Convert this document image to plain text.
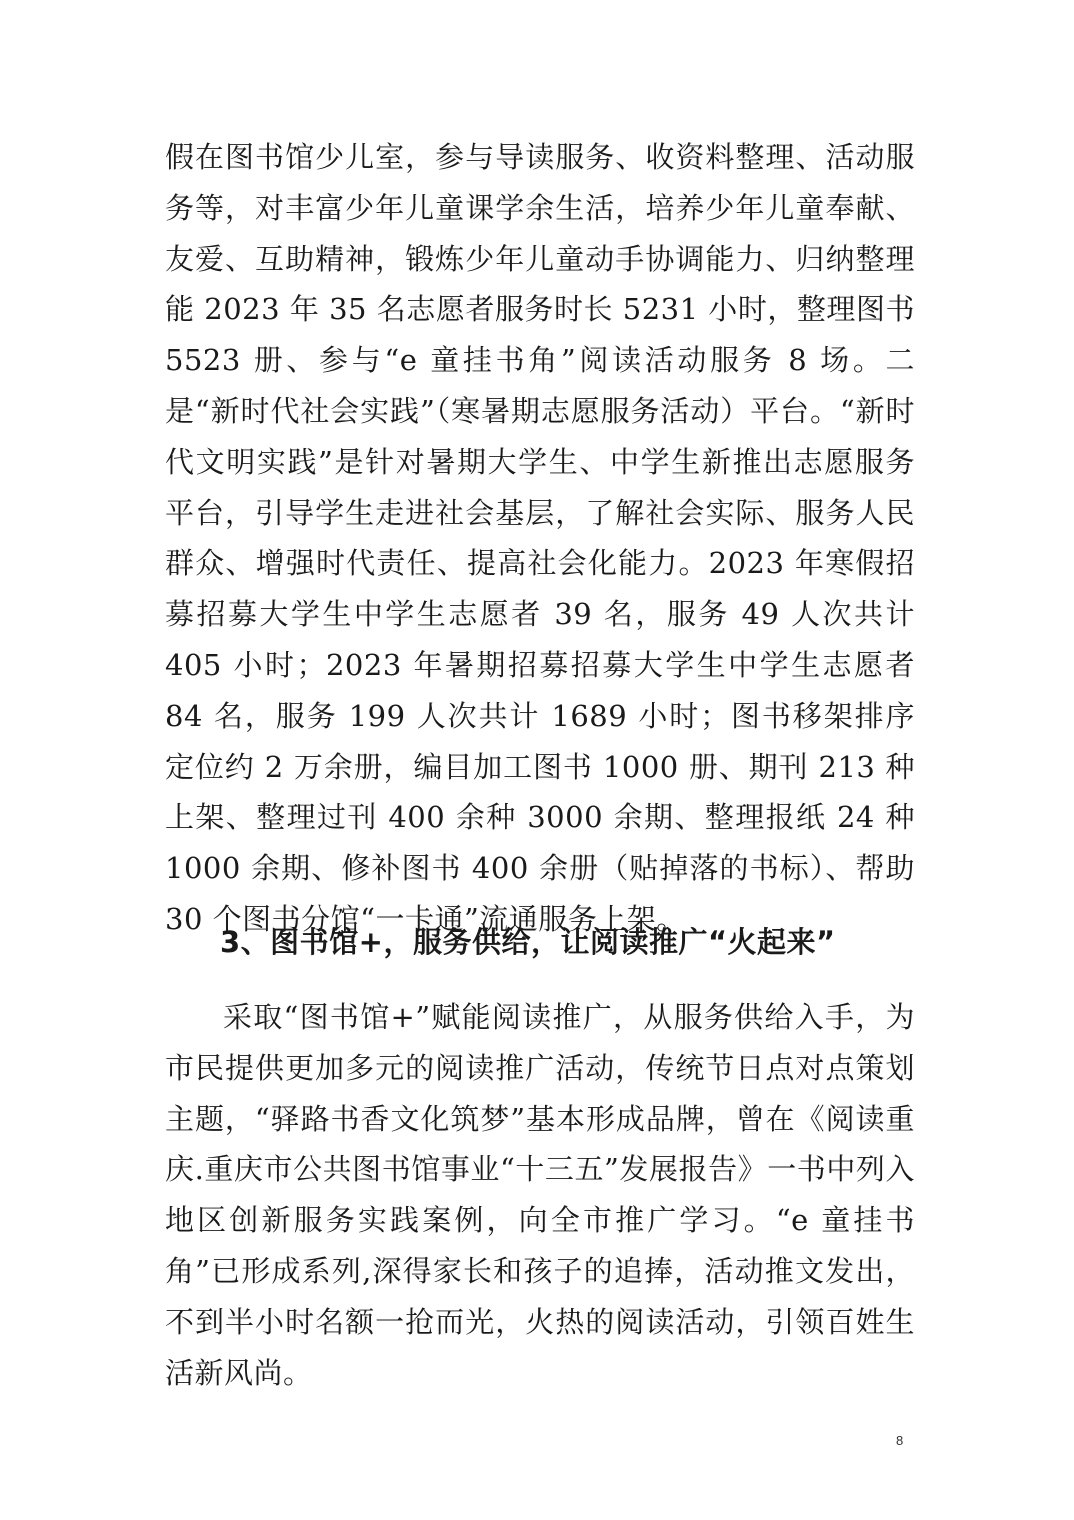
假在图书馆少儿室，参与导读服务、收资料整理、活动服务等，对丰富少年儿童课学余生活，培养少年儿童奉献、友爱、互助精神，锻炼少年儿童动手协调能力、归纳整理能 2023 年 35 名志愿者服务时长 5231 小时，整理图书 5523 册、参与“e 童挂书角”阅读活动服务 8 场。二是“新时代社会实践”（寒暑期志愿服务活动）平台。“新时代文明实践”是针对暑期大学生、中学生新推出志愿服务平台，引导学生走进社会基层，了解社会实际、服务人民群众、增强时代责任、提高社会化能力。2023 年寒假招募招募大学生中学生志愿者 39 名，服务 49 人次共计 405 小时；2023 年暑期招募招募大学生中学生志愿者 84 名，服务 199 人次共计 1689 小时；图书移架排序定位约 2 万余册，编目加工图书 1000 册、期刊 213 种上架、整理过刊 400 余种 3000 余期、整理报纸 24 种 1000 余期、修补图书 400 余册（贴掉落的书标）、帮助 30 个图书分馆“一卡通”流通服务上架。

3、图书馆+，服务供给，让阅读推广“火起来”

采取“图书馆+”赋能阅读推广，从服务供给入手，为市民提供更加多元的阅读推广活动，传统节日点对点策划主题，“驿路书香文化筑梦”基本形成品牌，曾在《阅读重庆.重庆市公共图书馆事业“十三五”发展报告》一书中列入地区创新服务实践案例，向全市推广学习。“e 童挂书角”已形成系列,深得家长和孩子的追捧，活动推文发出，不到半小时名额一抢而光，火热的阅读活动，引领百姓生活新风尚。

8
